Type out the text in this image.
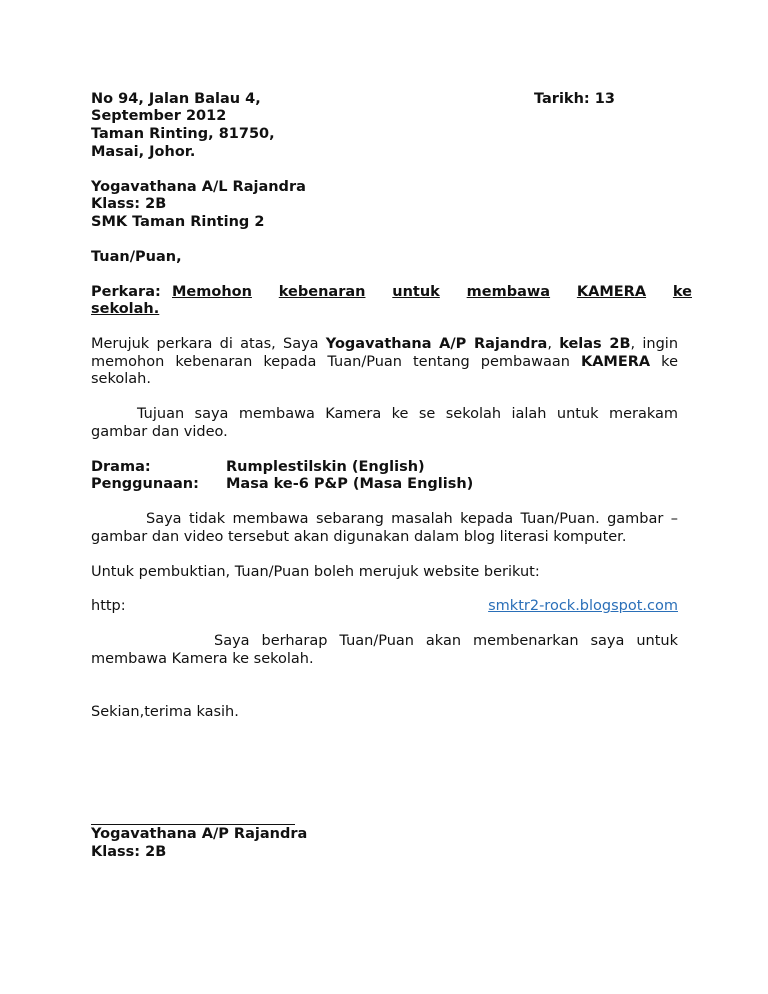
No 94, Jalan Balau 4,	Tarikh: 13
September 2012
Taman Rinting, 81750,
Masai, Johor.
Yogavathana A/L Rajandra
Klass: 2B
SMK Taman Rinting 2
Tuan/Puan,
Perkara: Memohon kebenaran untuk membawa KAMERA ke
sekolah.
Merujuk perkara di atas, Saya Yogavathana A/P Rajandra, kelas 2B, ingin memohon kebenaran kepada Tuan/Puan tentang pembawaan KAMERA ke sekolah.
Tujuan saya membawa Kamera ke se sekolah ialah untuk merakam gambar dan video.
Drama:	Rumplestilskin (English)
Penggunaan: Masa ke-6 P&P (Masa English)
Saya tidak membawa sebarang masalah kepada Tuan/Puan. gambar –gambar dan video tersebut akan digunakan dalam blog literasi komputer.
Untuk pembuktian, Tuan/Puan boleh merujuk website berikut:
http:	smktr2-rock.blogspot.com
Saya berharap Tuan/Puan akan membenarkan saya untuk membawa Kamera ke sekolah.
Sekian,terima kasih.
Yogavathana A/P Rajandra
Klass: 2B
